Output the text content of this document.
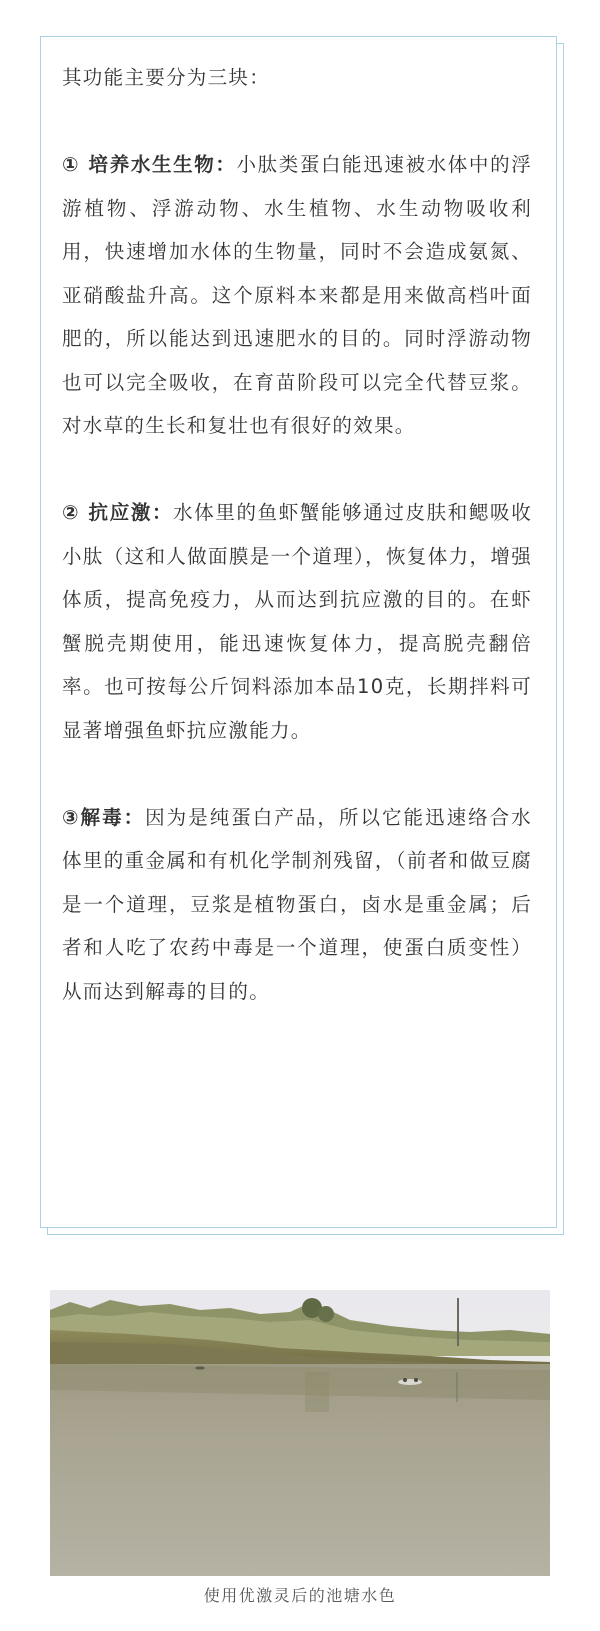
其功能主要分为三块：

① 培养水生生物：小肽类蛋白能迅速被水体中的浮游植物、浮游动物、水生植物、水生动物吸收利用，快速增加水体的生物量，同时不会造成氨氮、亚硝酸盐升高。这个原料本来都是用来做高档叶面肥的，所以能达到迅速肥水的目的。同时浮游动物也可以完全吸收，在育苗阶段可以完全代替豆浆。对水草的生长和复壮也有很好的效果。

② 抗应激：水体里的鱼虾蟹能够通过皮肤和鳃吸收小肽（这和人做面膜是一个道理），恢复体力，增强体质，提高免疫力，从而达到抗应激的目的。在虾蟹脱壳期使用，能迅速恢复体力，提高脱壳翻倍率。也可按每公斤饲料添加本品10克，长期拌料可显著增强鱼虾抗应激能力。

③解毒：因为是纯蛋白产品，所以它能迅速络合水体里的重金属和有机化学制剂残留，（前者和做豆腐是一个道理，豆浆是植物蛋白，卤水是重金属；后者和人吃了农药中毒是一个道理，使蛋白质变性）从而达到解毒的目的。

使用优激灵后的池塘水色
